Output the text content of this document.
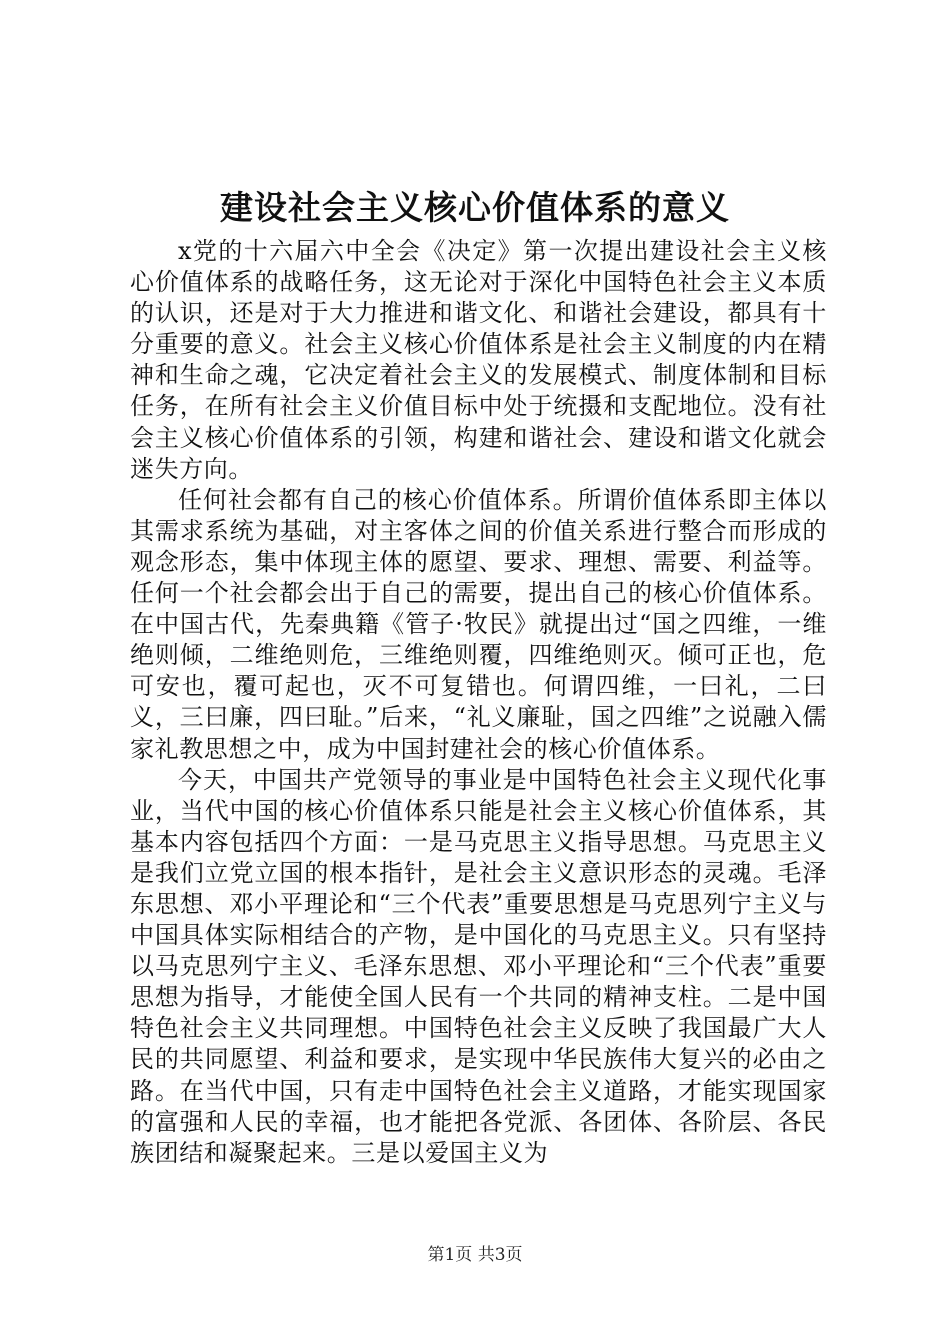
建设社会主义核心价值体系的意义

x党的十六届六中全会《决定》第一次提出建设社会主义核心价值体系的战略任务，这无论对于深化中国特色社会主义本质的认识，还是对于大力推进和谐文化、和谐社会建设，都具有十分重要的意义。社会主义核心价值体系是社会主义制度的内在精神和生命之魂，它决定着社会主义的发展模式、制度体制和目标任务，在所有社会主义价值目标中处于统摄和支配地位。没有社会主义核心价值体系的引领，构建和谐社会、建设和谐文化就会迷失方向。

任何社会都有自己的核心价值体系。所谓价值体系即主体以其需求系统为基础，对主客体之间的价值关系进行整合而形成的观念形态，集中体现主体的愿望、要求、理想、需要、利益等。任何一个社会都会出于自己的需要，提出自己的核心价值体系。在中国古代，先秦典籍《管子·牧民》就提出过“国之四维，一维绝则倾，二维绝则危，三维绝则覆，四维绝则灭。倾可正也，危可安也，覆可起也，灭不可复错也。何谓四维，一曰礼，二曰义，三曰廉，四曰耻。”后来，“礼义廉耻，国之四维”之说融入儒家礼教思想之中，成为中国封建社会的核心价值体系。

今天，中国共产党领导的事业是中国特色社会主义现代化事业，当代中国的核心价值体系只能是社会主义核心价值体系，其基本内容包括四个方面：一是马克思主义指导思想。马克思主义是我们立党立国的根本指针，是社会主义意识形态的灵魂。毛泽东思想、邓小平理论和“三个代表”重要思想是马克思列宁主义与中国具体实际相结合的产物，是中国化的马克思主义。只有坚持以马克思列宁主义、毛泽东思想、邓小平理论和“三个代表”重要思想为指导，才能使全国人民有一个共同的精神支柱。二是中国特色社会主义共同理想。中国特色社会主义反映了我国最广大人民的共同愿望、利益和要求，是实现中华民族伟大复兴的必由之路。在当代中国，只有走中国特色社会主义道路，才能实现国家的富强和人民的幸福，也才能把各党派、各团体、各阶层、各民族团结和凝聚起来。三是以爱国主义为

第1页 共3页
